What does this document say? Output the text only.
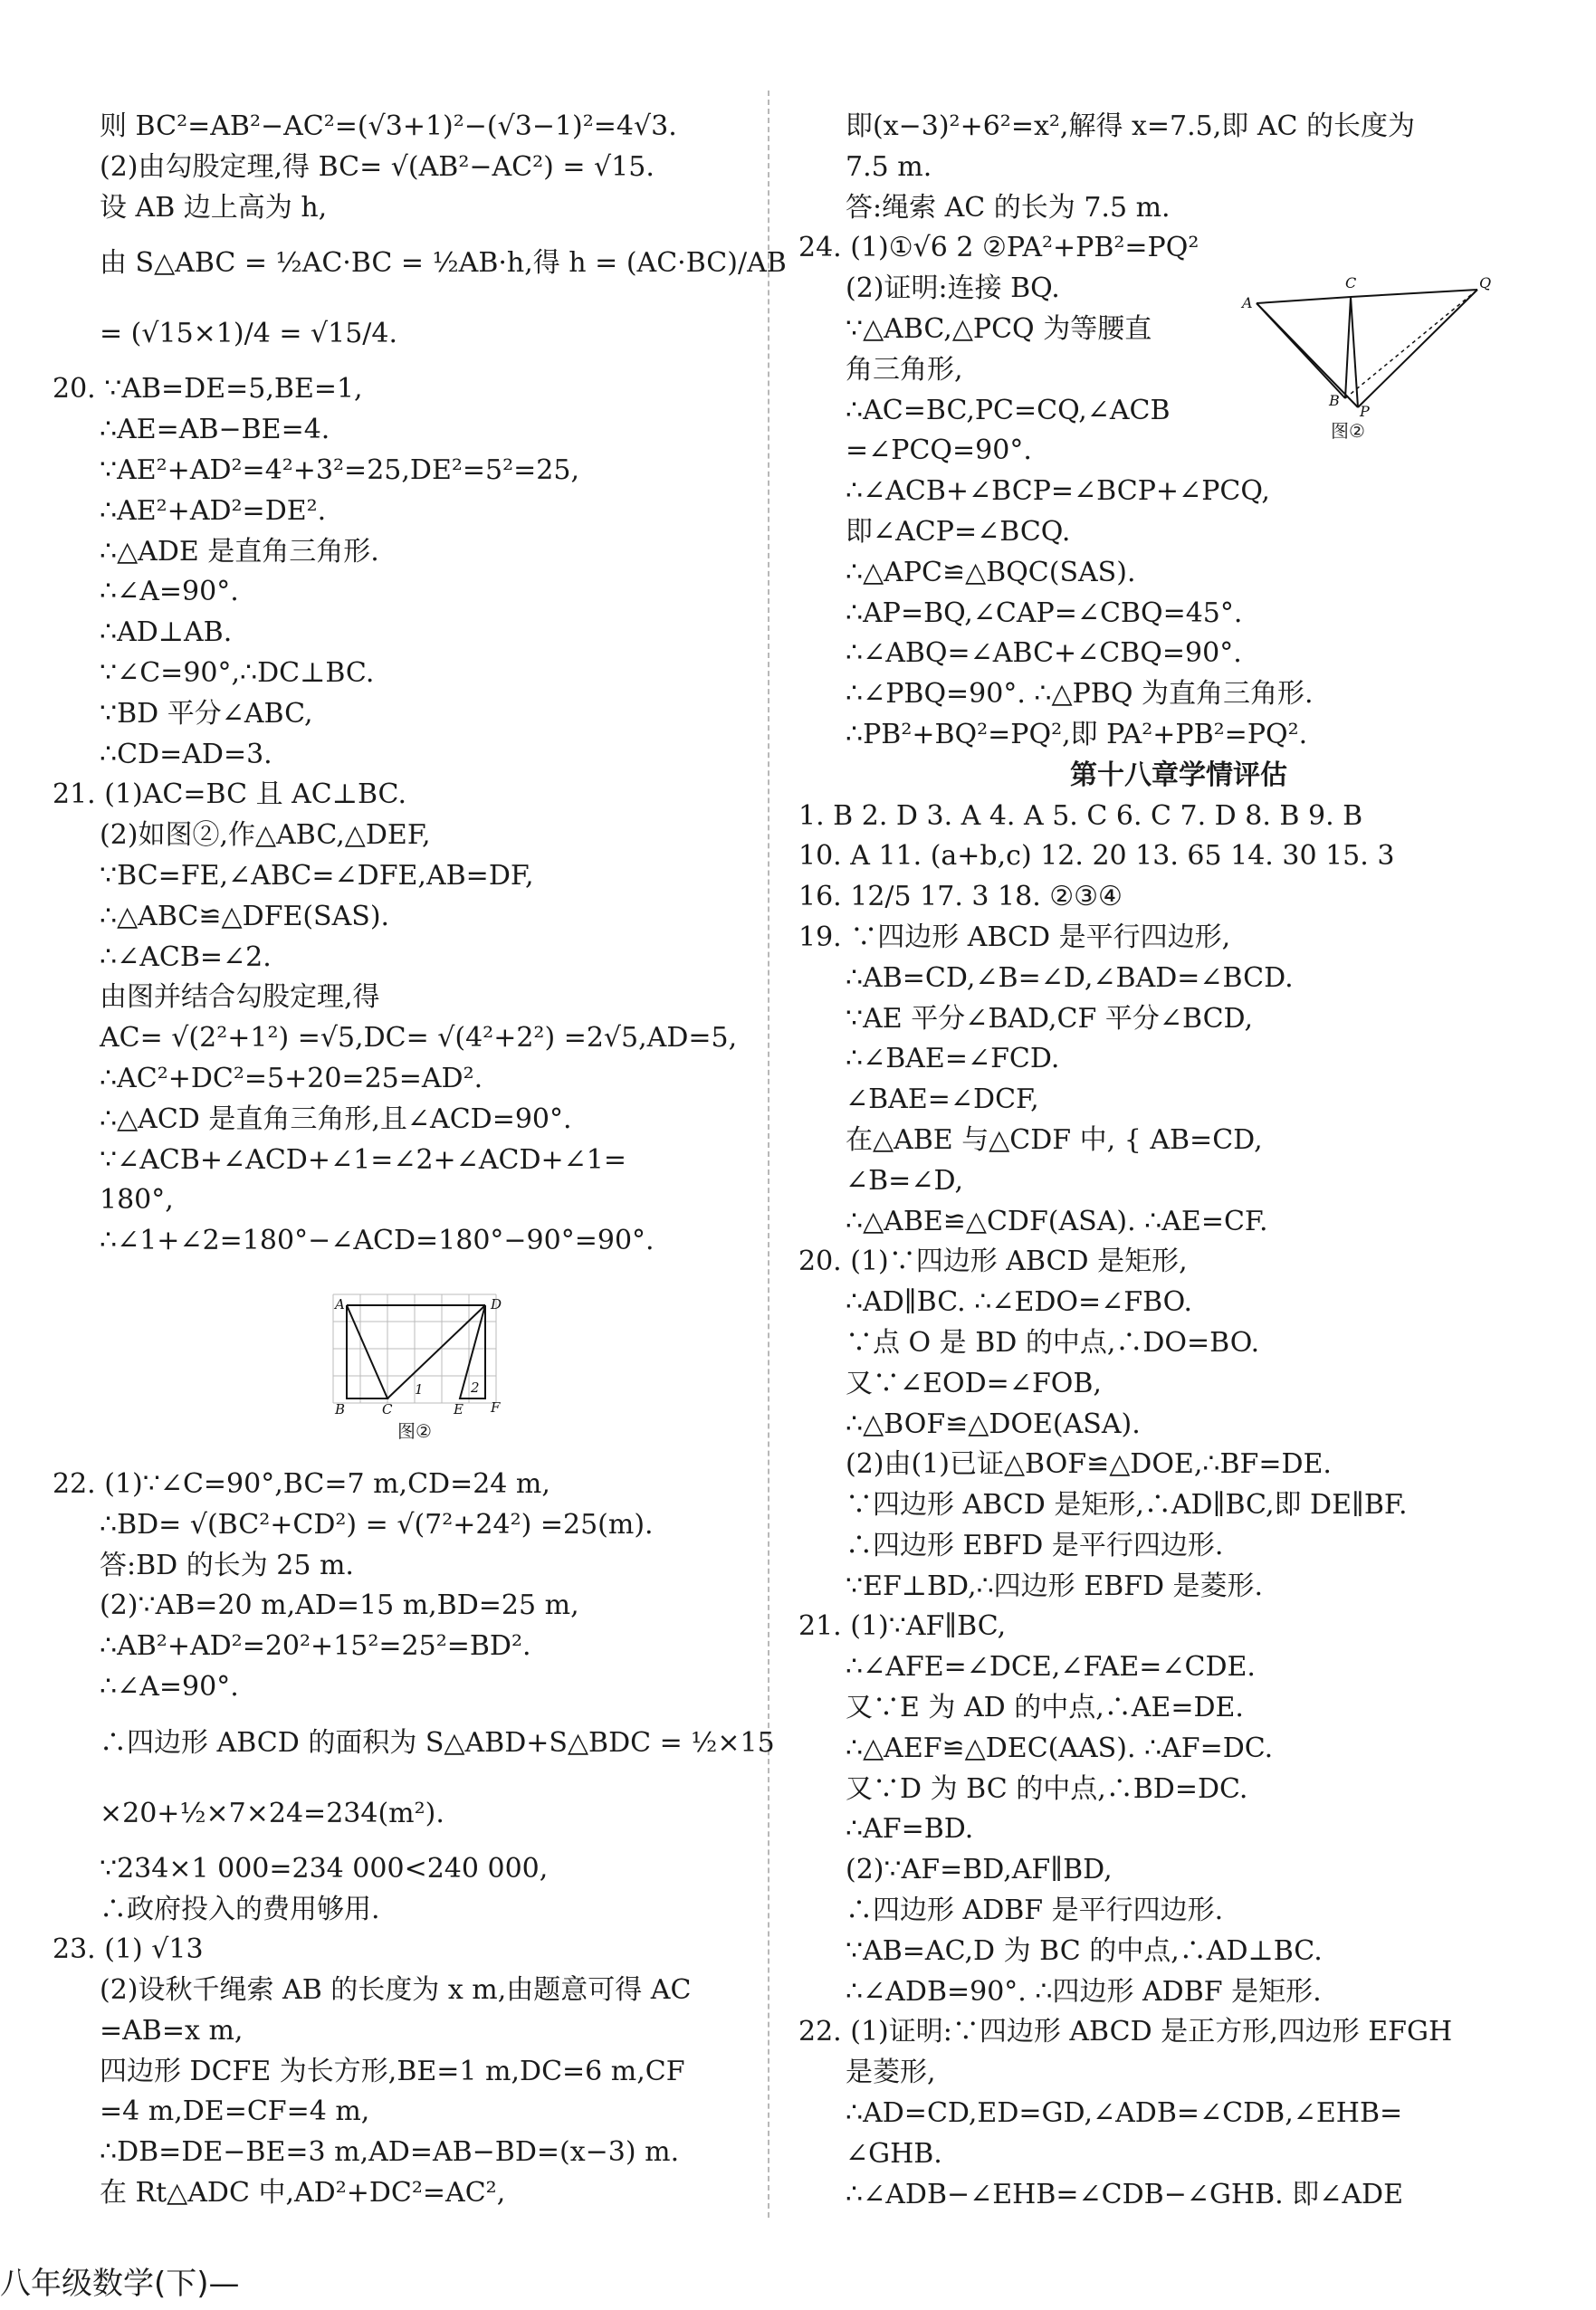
则 BC²=AB²−AC²=(√3+1)²−(√3−1)²=4√3.
(2)由勾股定理,得 BC= √(AB²−AC²) = √15.
设 AB 边上高为 h,
由 S△ABC = ½AC·BC = ½AB·h,得 h = (AC·BC)/AB
= (√15×1)/4 = √15/4.
20. ∵AB=DE=5,BE=1,
∴AE=AB−BE=4.
∵AE²+AD²=4²+3²=25,DE²=5²=25,
∴AE²+AD²=DE².
∴△ADE 是直角三角形.
∴∠A=90°.
∴AD⊥AB.
∵∠C=90°,∴DC⊥BC.
∵BD 平分∠ABC,
∴CD=AD=3.
21. (1)AC=BC 且 AC⊥BC.
(2)如图②,作△ABC,△DEF,
∵BC=FE,∠ABC=∠DFE,AB=DF,
∴△ABC≌△DFE(SAS).
∴∠ACB=∠2.
由图并结合勾股定理,得
AC= √(2²+1²) =√5,DC= √(4²+2²) =2√5,AD=5,
∴AC²+DC²=5+20=25=AD².
∴△ACD 是直角三角形,且∠ACD=90°.
∵∠ACB+∠ACD+∠1=∠2+∠ACD+∠1=
180°,
∴∠1+∠2=180°−∠ACD=180°−90°=90°.
22. (1)∵∠C=90°,BC=7 m,CD=24 m,
∴BD= √(BC²+CD²) = √(7²+24²) =25(m).
答:BD 的长为 25 m.
(2)∵AB=20 m,AD=15 m,BD=25 m,
∴AB²+AD²=20²+15²=25²=BD².
∴∠A=90°.
∴四边形 ABCD 的面积为 S△ABD+S△BDC = ½×15
×20+½×7×24=234(m²).
∵234×1 000=234 000<240 000,
∴政府投入的费用够用.
23. (1) √13
(2)设秋千绳索 AB 的长度为 x m,由题意可得 AC
=AB=x m,
四边形 DCFE 为长方形,BE=1 m,DC=6 m,CF
=4 m,DE=CF=4 m,
∴DB=DE−BE=3 m,AD=AB−BD=(x−3) m.
在 Rt△ADC 中,AD²+DC²=AC²,
即(x−3)²+6²=x²,解得 x=7.5,即 AC 的长度为
7.5 m.
答:绳索 AC 的长为 7.5 m.
24. (1)①√6 2 ②PA²+PB²=PQ²
(2)证明:连接 BQ.
∵△ABC,△PCQ 为等腰直
角三角形,
∴AC=BC,PC=CQ,∠ACB
=∠PCQ=90°.
∴∠ACB+∠BCP=∠BCP+∠PCQ,
即∠ACP=∠BCQ.
∴△APC≌△BQC(SAS).
∴AP=BQ,∠CAP=∠CBQ=45°.
∴∠ABQ=∠ABC+∠CBQ=90°.
∴∠PBQ=90°. ∴△PBQ 为直角三角形.
∴PB²+BQ²=PQ²,即 PA²+PB²=PQ².
第十八章学情评估
1. B 2. D 3. A 4. A 5. C 6. C 7. D 8. B 9. B
10. A 11. (a+b,c) 12. 20 13. 65 14. 30 15. 3
16. 12/5 17. 3 18. ②③④
19. ∵四边形 ABCD 是平行四边形,
∴AB=CD,∠B=∠D,∠BAD=∠BCD.
∵AE 平分∠BAD,CF 平分∠BCD,
∴∠BAE=∠FCD.
∠BAE=∠DCF,
在△ABE 与△CDF 中, { AB=CD,
∠B=∠D,
∴△ABE≌△CDF(ASA). ∴AE=CF.
20. (1)∵四边形 ABCD 是矩形,
∴AD∥BC. ∴∠EDO=∠FBO.
∵点 O 是 BD 的中点,∴DO=BO.
又∵∠EOD=∠FOB,
∴△BOF≌△DOE(ASA).
(2)由(1)已证△BOF≌△DOE,∴BF=DE.
∵四边形 ABCD 是矩形,∴AD∥BC,即 DE∥BF.
∴四边形 EBFD 是平行四边形.
∵EF⊥BD,∴四边形 EBFD 是菱形.
21. (1)∵AF∥BC,
∴∠AFE=∠DCE,∠FAE=∠CDE.
又∵E 为 AD 的中点,∴AE=DE.
∴△AEF≌△DEC(AAS). ∴AF=DC.
又∵D 为 BC 的中点,∴BD=DC.
∴AF=BD.
(2)∵AF=BD,AF∥BD,
∴四边形 ADBF 是平行四边形.
∵AB=AC,D 为 BC 的中点,∴AD⊥BC.
∴∠ADB=90°. ∴四边形 ADBF 是矩形.
22. (1)证明:∵四边形 ABCD 是正方形,四边形 EFGH
是菱形,
∴AD=CD,ED=GD,∠ADB=∠CDB,∠EHB=
∠GHB.
∴∠ADB−∠EHB=∠CDB−∠GHB. 即∠ADE
A	D
B	C	E F
1	2
图②
A
C	Q
B
P
图②
八年级数学(下)—
